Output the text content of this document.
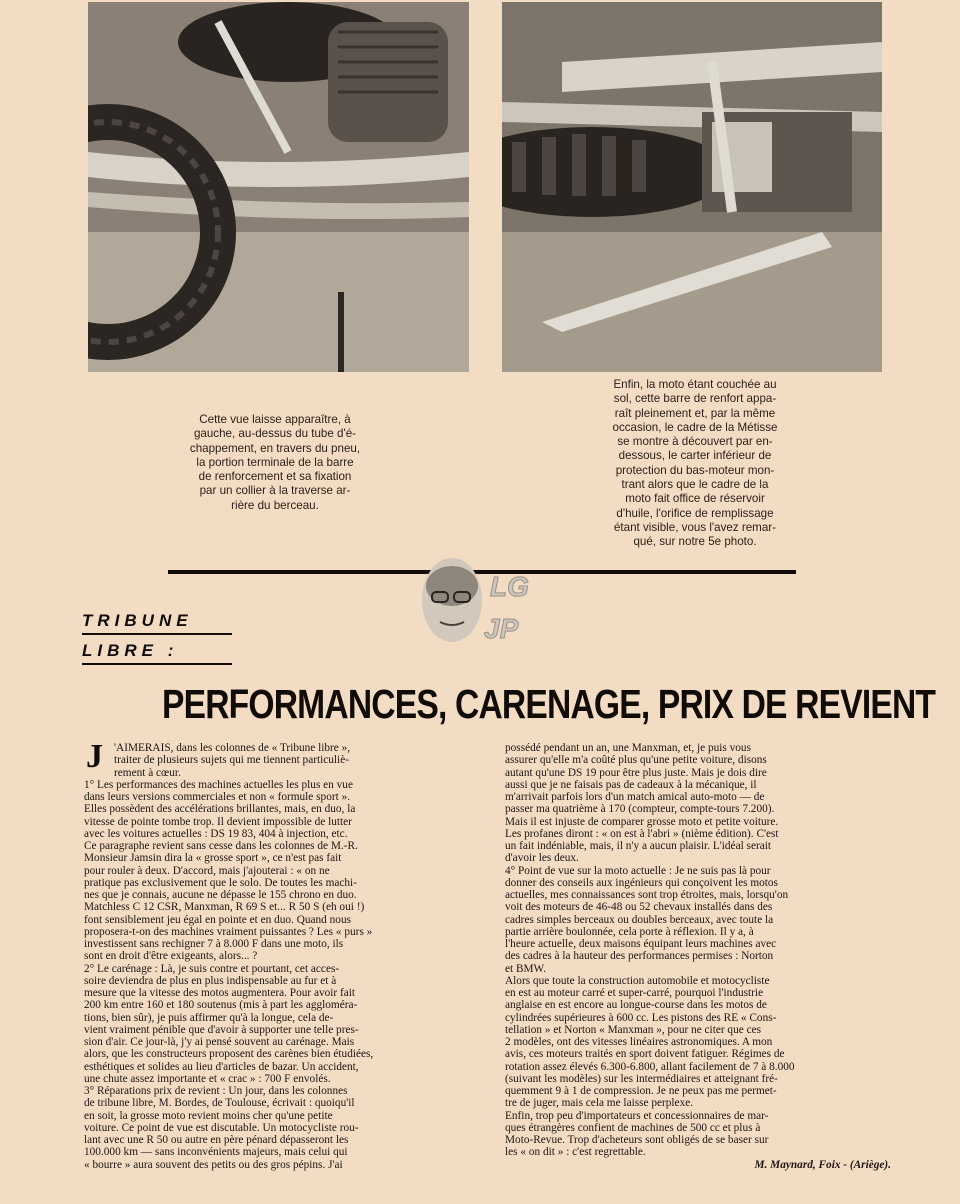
Cette vue laisse apparaître, à
gauche, au-dessus du tube d'é-
chappement, en travers du pneu,
la portion terminale de la barre
de renforcement et sa fixation
par un collier à la traverse ar-
rière du berceau.
Enfin, la moto étant couchée au
sol, cette barre de renfort appa-
raît pleinement et, par la même
occasion, le cadre de la Métisse
se montre à découvert par en-
dessous, le carter inférieur de
protection du bas-moteur mon-
trant alors que le cadre de la
moto fait office de réservoir
d'huile, l'orifice de remplissage
étant visible, vous l'avez remar-
qué, sur notre 5e photo.
LG
JP
TRIBUNE
LIBRE :
PERFORMANCES, CARENAGE, PRIX DE REVIENT
J 'AIMERAIS, dans les colonnes de « Tribune libre »,
traiter de plusieurs sujets qui me tiennent particuliè-
rement à cœur.
1° Les performances des machines actuelles les plus en vue
dans leurs versions commerciales et non « formule sport ».
Elles possèdent des accélérations brillantes, mais, en duo, la
vitesse de pointe tombe trop. Il devient impossible de lutter
avec les voitures actuelles : DS 19 83, 404 à injection, etc.
Ce paragraphe revient sans cesse dans les colonnes de M.-R.
Monsieur Jamsin dira la « grosse sport », ce n'est pas fait
pour rouler à deux. D'accord, mais j'ajouterai : « on ne
pratique pas exclusivement que le solo. De toutes les machi-
nes que je connais, aucune ne dépasse le 155 chrono en duo.
Matchless C 12 CSR, Manxman, R 69 S et... R 50 S (eh oui !)
font sensiblement jeu égal en pointe et en duo. Quand nous
proposera-t-on des machines vraiment puissantes ? Les « purs »
investissent sans rechigner 7 à 8.000 F dans une moto, ils
sont en droit d'être exigeants, alors... ?
2° Le carénage : Là, je suis contre et pourtant, cet acces-
soire deviendra de plus en plus indispensable au fur et à
mesure que la vitesse des motos augmentera. Pour avoir fait
200 km entre 160 et 180 soutenus (mis à part les aggloméra-
tions, bien sûr), je puis affirmer qu'à la longue, cela de-
vient vraiment pénible que d'avoir à supporter une telle pres-
sion d'air. Ce jour-là, j'y ai pensé souvent au carénage. Mais
alors, que les constructeurs proposent des carènes bien étudiées,
esthétiques et solides au lieu d'articles de bazar. Un accident,
une chute assez importante et « crac » : 700 F envolés.
3° Réparations prix de revient : Un jour, dans les colonnes
de tribune libre, M. Bordes, de Toulouse, écrivait : quoiqu'il
en soit, la grosse moto revient moins cher qu'une petite
voiture. Ce point de vue est discutable. Un motocycliste rou-
lant avec une R 50 ou autre en père pénard dépasseront les
100.000 km — sans inconvénients majeurs, mais celui qui
« bourre » aura souvent des petits ou des gros pépins. J'ai
possédé pendant un an, une Manxman, et, je puis vous
assurer qu'elle m'a coûté plus qu'une petite voiture, disons
autant qu'une DS 19 pour être plus juste. Mais je dois dire
aussi que je ne faisais pas de cadeaux à la mécanique, il
m'arrivait parfois lors d'un match amical auto-moto — de
passer ma quatrième à 170 (compteur, compte-tours 7.200).
Mais il est injuste de comparer grosse moto et petite voiture.
Les profanes diront : « on est à l'abri » (nième édition). C'est
un fait indéniable, mais, il n'y a aucun plaisir. L'idéal serait
d'avoir les deux.
4° Point de vue sur la moto actuelle : Je ne suis pas là pour
donner des conseils aux ingénieurs qui conçoivent les motos
actuelles, mes connaissances sont trop étroites, mais, lorsqu'on
voit des moteurs de 46-48 ou 52 chevaux installés dans des
cadres simples berceaux ou doubles berceaux, avec toute la
partie arrière boulonnée, cela porte à réflexion. Il y a, à
l'heure actuelle, deux maisons équipant leurs machines avec
des cadres à la hauteur des performances permises : Norton
et BMW.
Alors que toute la construction automobile et motocycliste
en est au moteur carré et super-carré, pourquoi l'industrie
anglaise en est encore au longue-course dans les motos de
cylindrées supérieures à 600 cc. Les pistons des RE « Cons-
tellation » et Norton « Manxman », pour ne citer que ces
2 modèles, ont des vitesses linéaires astronomiques. A mon
avis, ces moteurs traités en sport doivent fatiguer. Régimes de
rotation assez élevés 6.300-6.800, allant facilement de 7 à 8.000
(suivant les modèles) sur les intermédiaires et atteignant fré-
quemment 9 à 1 de compression. Je ne peux pas me permet-
tre de juger, mais cela me laisse perplexe.
Enfin, trop peu d'importateurs et concessionnaires de mar-
ques étrangères confient de machines de 500 cc et plus à
Moto-Revue. Trop d'acheteurs sont obligés de se baser sur
les « on dit » : c'est regrettable.
M. Maynard, Foix - (Ariège).
